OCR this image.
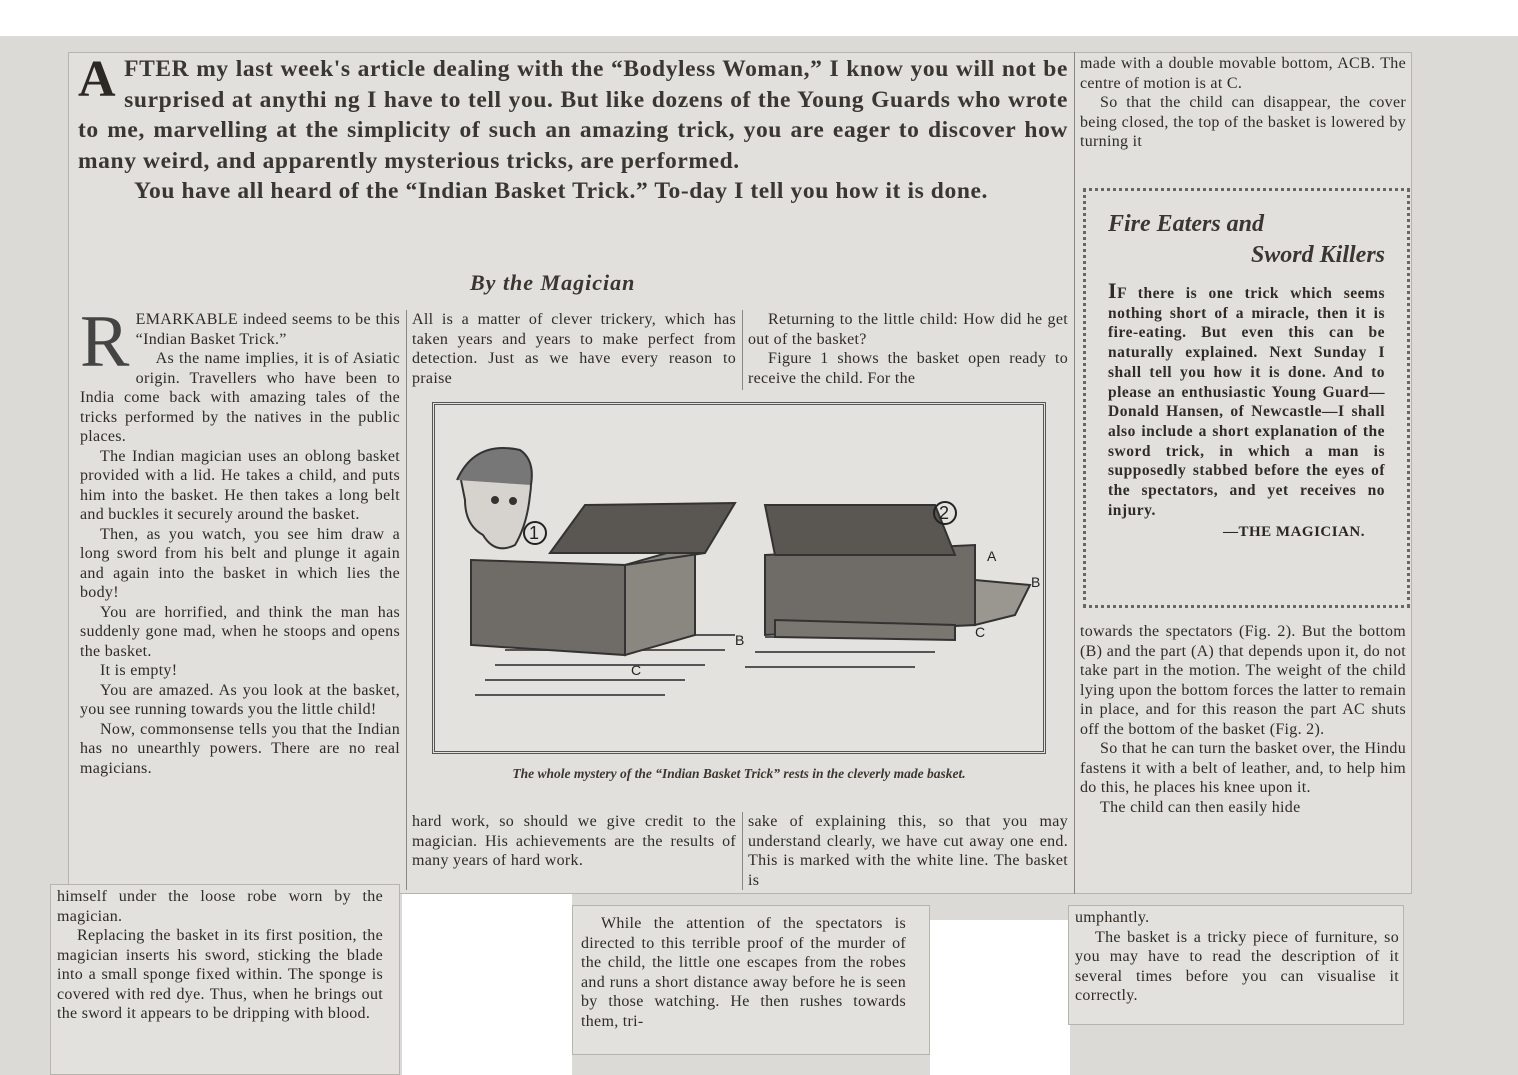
AFTER my last week's article dealing with the “Bodyless Woman,” I know you will not be surprised at anythi ng I have to tell you. But like dozens of the Young Guards who wrote to me, marvelling at the simplicity of such an amazing trick, you are eager to discover how many weird, and apparently mysterious tricks, are performed.

You have all heard of the “Indian Basket Trick.” To-day I tell you how it is done.

By the Magician

REMARKABLE indeed seems to be this “Indian Basket Trick.”

As the name implies, it is of Asiatic origin. Travellers who have been to India come back with amazing tales of the tricks performed by the natives in the public places.

The Indian magician uses an oblong basket provided with a lid. He takes a child, and puts him into the basket. He then takes a long belt and buckles it securely around the basket.

Then, as you watch, you see him draw a long sword from his belt and plunge it again and again into the basket in which lies the body!

You are horrified, and think the man has suddenly gone mad, when he stoops and opens the basket.

It is empty!

You are amazed. As you look at the basket, you see running towards you the little child!

Now, commonsense tells you that the Indian has no unearthly powers. There are no real magicians.

All is a matter of clever trickery, which has taken years and years to make perfect from detection. Just as we have every reason to praise

hard work, so should we give credit to the magician. His achievements are the results of many years of hard work.

Returning to the little child: How did he get out of the basket?

Figure 1 shows the basket open ready to receive the child. For the

sake of explaining this, so that you may understand clearly, we have cut away one end. This is marked with the white line. The basket is

made with a double movable bottom, ACB. The centre of motion is at C.

So that the child can disappear, the cover being closed, the top of the basket is lowered by turning it

Fire Eaters and
Sword Killers
IF there is one trick which seems nothing short of a miracle, then it is fire-eating. But even this can be naturally explained. Next Sunday I shall tell you how it is done. And to please an enthusiastic Young Guard—Donald Hansen, of Newcastle—I shall also include a short explanation of the sword trick, in which a man is supposedly stabbed before the eyes of the spectators, and yet receives no injury.
—THE MAGICIAN.

towards the spectators (Fig. 2). But the bottom (B) and the part (A) that depends upon it, do not take part in the motion. The weight of the child lying upon the bottom forces the latter to remain in place, and for this reason the part AC shuts off the bottom of the basket (Fig. 2).

So that he can turn the basket over, the Hindu fastens it with a belt of leather, and, to help him do this, he places his knee upon it.

The child can then easily hide

1
2
A
B
B
C
C
The whole mystery of the “Indian Basket Trick” rests in the cleverly made basket.

himself under the loose robe worn by the magician.

Replacing the basket in its first position, the magician inserts his sword, sticking the blade into a small sponge fixed within. The sponge is covered with red dye. Thus, when he brings out the sword it appears to be dripping with blood.

While the attention of the spectators is directed to this terrible proof of the murder of the child, the little one escapes from the robes and runs a short distance away before he is seen by those watching. He then rushes towards them, tri-

umphantly.

The basket is a tricky piece of furniture, so you may have to read the description of it several times before you can visualise it correctly.
